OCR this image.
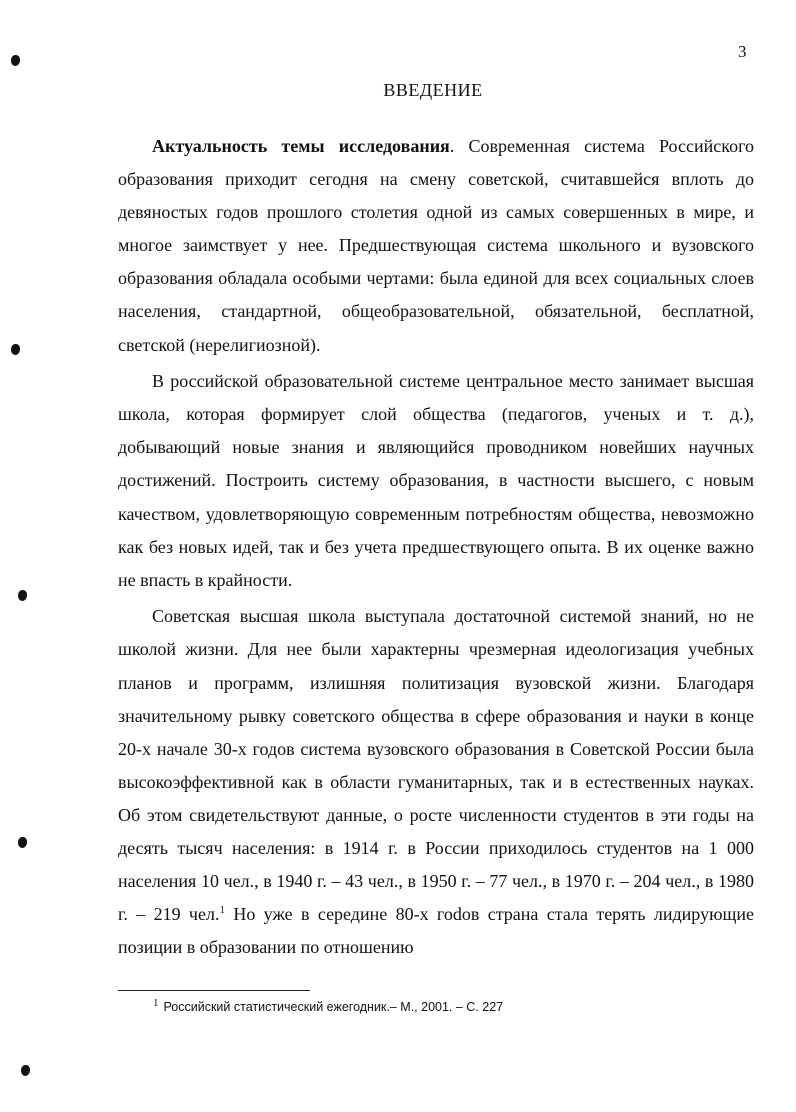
3
ВВЕДЕНИЕ

Актуальность темы исследования. Современная система Российского образования приходит сегодня на смену советской, считавшейся вплоть до девяностых годов прошлого столетия одной из самых совершенных в мире, и многое заимствует у нее. Предшествующая система школьного и вузовского образования обладала особыми чертами: была единой для всех социальных слоев населения, стандартной, общеобразовательной, обязательной, бесплатной, светской (нерелигиозной).

В российской образовательной системе центральное место занимает высшая школа, которая формирует слой общества (педагогов, ученых и т. д.), добывающий новые знания и являющийся проводником новейших научных достижений. Построить систему образования, в частности высшего, с новым качеством, удовлетворяющую современным потребностям общества, невозможно как без новых идей, так и без учета предшествующего опыта. В их оценке важно не впасть в крайности.

Советская высшая школа выступала достаточной системой знаний, но не школой жизни. Для нее были характерны чрезмерная идеологизация учебных планов и программ, излишняя политизация вузовской жизни. Благодаря значительному рывку советского общества в сфере образования и науки в конце 20-х начале 30-х годов система вузовского образования в Советской России была высокоэффективной как в области гуманитарных, так и в естественных науках. Об этом свидетельствуют данные, о росте численности студентов в эти годы на десять тысяч населения: в 1914 г. в России приходилось студентов на 1 000 населения 10 чел., в 1940 г. – 43 чел., в 1950 г. – 77 чел., в 1970 г. – 204 чел., в 1980 г. – 219 чел.$^1$ Но уже в середине 80-х гоdов страна стала терять лидирующие позиции в образовании по отношению

$^1$ Российский статистический ежегодник.– М., 2001. – С. 227
